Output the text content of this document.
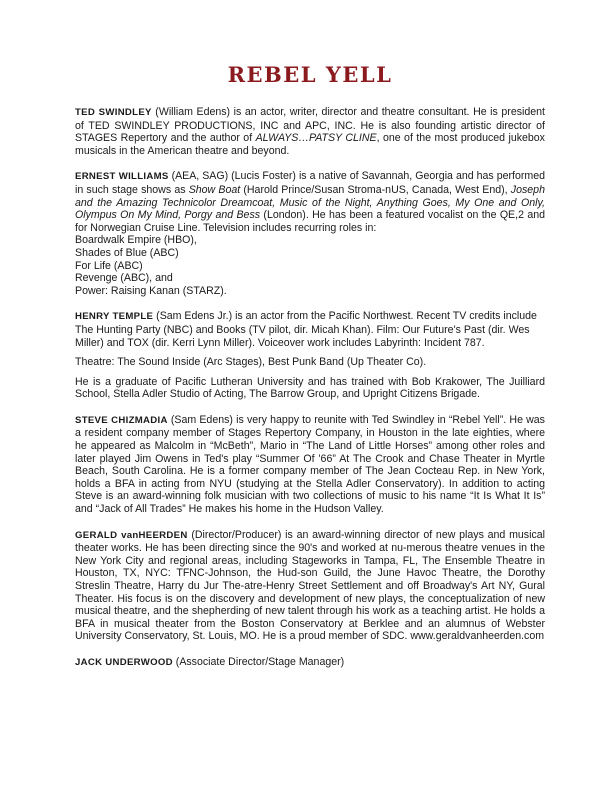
REBEL YELL
TED SWINDLEY (William Edens) is an actor, writer, director and theatre consultant. He is president of TED SWINDLEY PRODUCTIONS, INC and APC, INC. He is also founding artistic director of STAGES Repertory and the author of ALWAYS…PATSY CLINE, one of the most produced jukebox musicals in the American theatre and beyond.
ERNEST WILLIAMS (AEA, SAG) (Lucis Foster) is a native of Savannah, Georgia and has performed in such stage shows as Show Boat (Harold Prince/Susan Stroma-nUS, Canada, West End), Joseph and the Amazing Technicolor Dreamcoat, Music of the Night, Anything Goes, My One and Only, Olympus On My Mind, Porgy and Bess (London). He has been a featured vocalist on the QE,2 and for Norwegian Cruise Line. Television includes recurring roles in:
Boardwalk Empire (HBO),
Shades of Blue (ABC)
For Life (ABC)
Revenge (ABC), and
Power: Raising Kanan (STARZ).
HENRY TEMPLE (Sam Edens Jr.) is an actor from the Pacific Northwest. Recent TV credits include The Hunting Party (NBC) and Books (TV pilot, dir. Micah Khan). Film: Our Future's Past (dir. Wes Miller) and TOX (dir. Kerri Lynn Miller). Voiceover work includes Labyrinth: Incident 787.
Theatre: The Sound Inside (Arc Stages), Best Punk Band (Up Theater Co).
He is a graduate of Pacific Lutheran University and has trained with Bob Krakower, The Juilliard School, Stella Adler Studio of Acting, The Barrow Group, and Upright Citizens Brigade.
STEVE CHIZMADIA (Sam Edens) is very happy to reunite with Ted Swindley in “Rebel Yell”. He was a resident company member of Stages Repertory Company, in Houston in the late eighties, where he appeared as Malcolm in “McBeth”, Mario in “The Land of Little Horses” among other roles and later played Jim Owens in Ted's play “Summer Of '66” At The Crook and Chase Theater in Myrtle Beach, South Carolina. He is a former company member of The Jean Cocteau Rep. in New York, holds a BFA in acting from NYU (studying at the Stella Adler Conservatory). In addition to acting Steve is an award-winning folk musician with two collections of music to his name “It Is What It Is” and “Jack of All Trades” He makes his home in the Hudson Valley.
GERALD vanHEERDEN (Director/Producer) is an award-winning director of new plays and musical theater works. He has been directing since the 90's and worked at nu-merous theatre venues in the New York City and regional areas, including Stageworks in Tampa, FL, The Ensemble Theatre in Houston, TX, NYC: TFNC-Johnson, the Hud-son Guild, the June Havoc Theatre, the Dorothy Streslin Theatre, Harry du Jur The-atre-Henry Street Settlement and off Broadway's Art NY, Gural Theater. His focus is on the discovery and development of new plays, the conceptualization of new musical theatre, and the shepherding of new talent through his work as a teaching artist. He holds a BFA in musical theater from the Boston Conservatory at Berklee and an alumnus of Webster University Conservatory, St. Louis, MO. He is a proud member of SDC. www.geraldvanheerden.com
JACK UNDERWOOD (Associate Director/Stage Manager)
